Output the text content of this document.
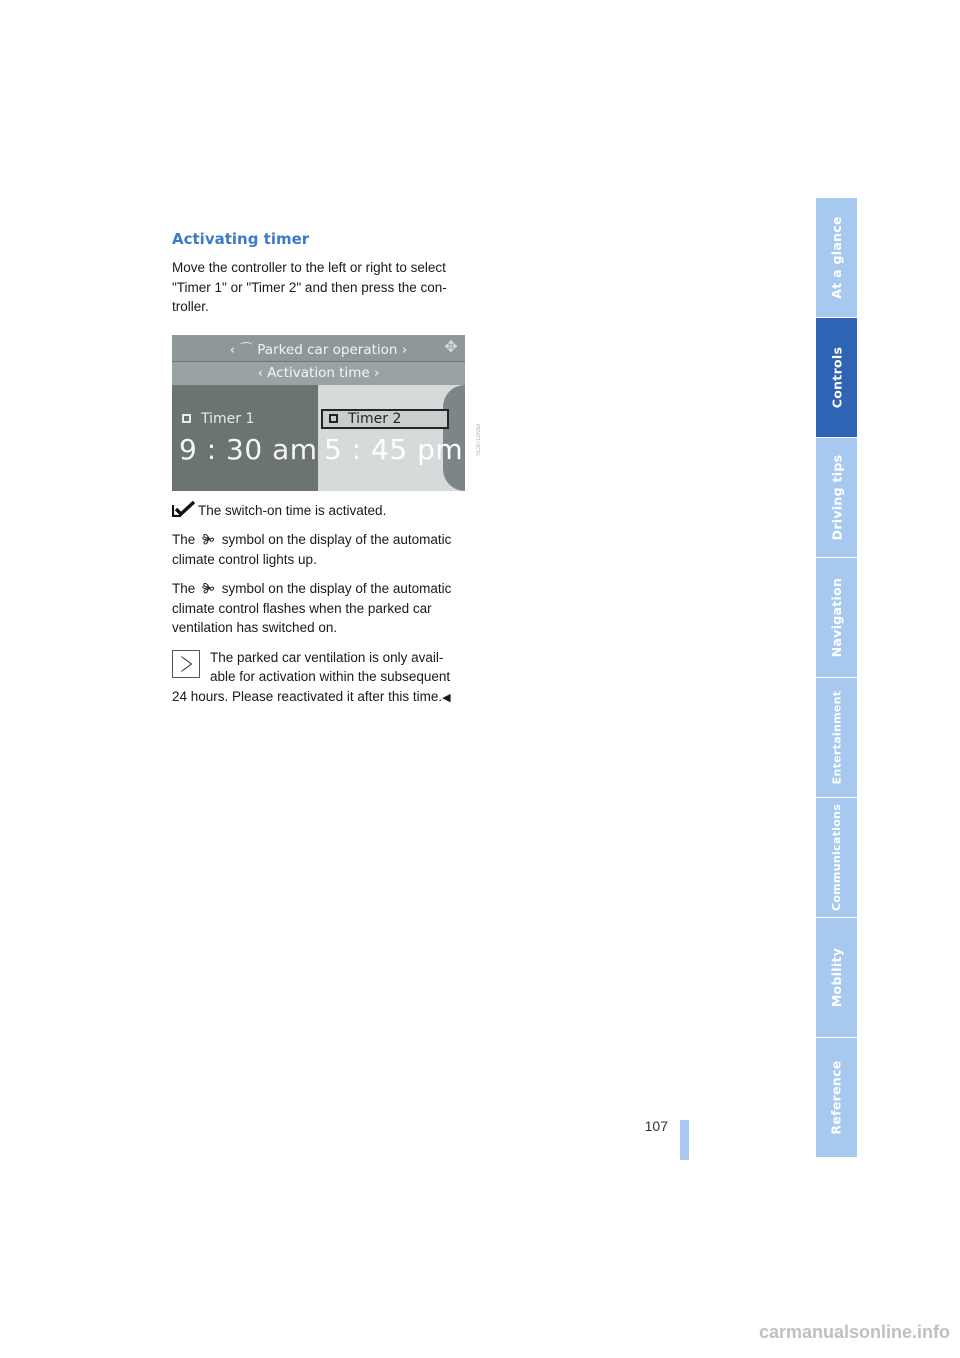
Activating timer

Move the controller to the left or right to select "Timer 1" or "Timer 2" and then press the con-troller.

‹ ⌒ Parked car operation ›	✥
‹ Activation time ›
Timer 1	Timer 2
9 : 30 am 5 : 45 pm

The switch-on time is activated.

The symbol on the display of the automatic climate control lights up.

The symbol on the display of the automatic climate control flashes when the parked car ventilation has switched on.

The parked car ventilation is only avail-
able for activation within the subsequent

24 hours. Please reactivated it after this time.◀
SC8710/0Ы
107
At a glance
Controls
Driving tips
Navigation
Entertainment
Communications
Mobility
Reference
carmanualsonline.info
